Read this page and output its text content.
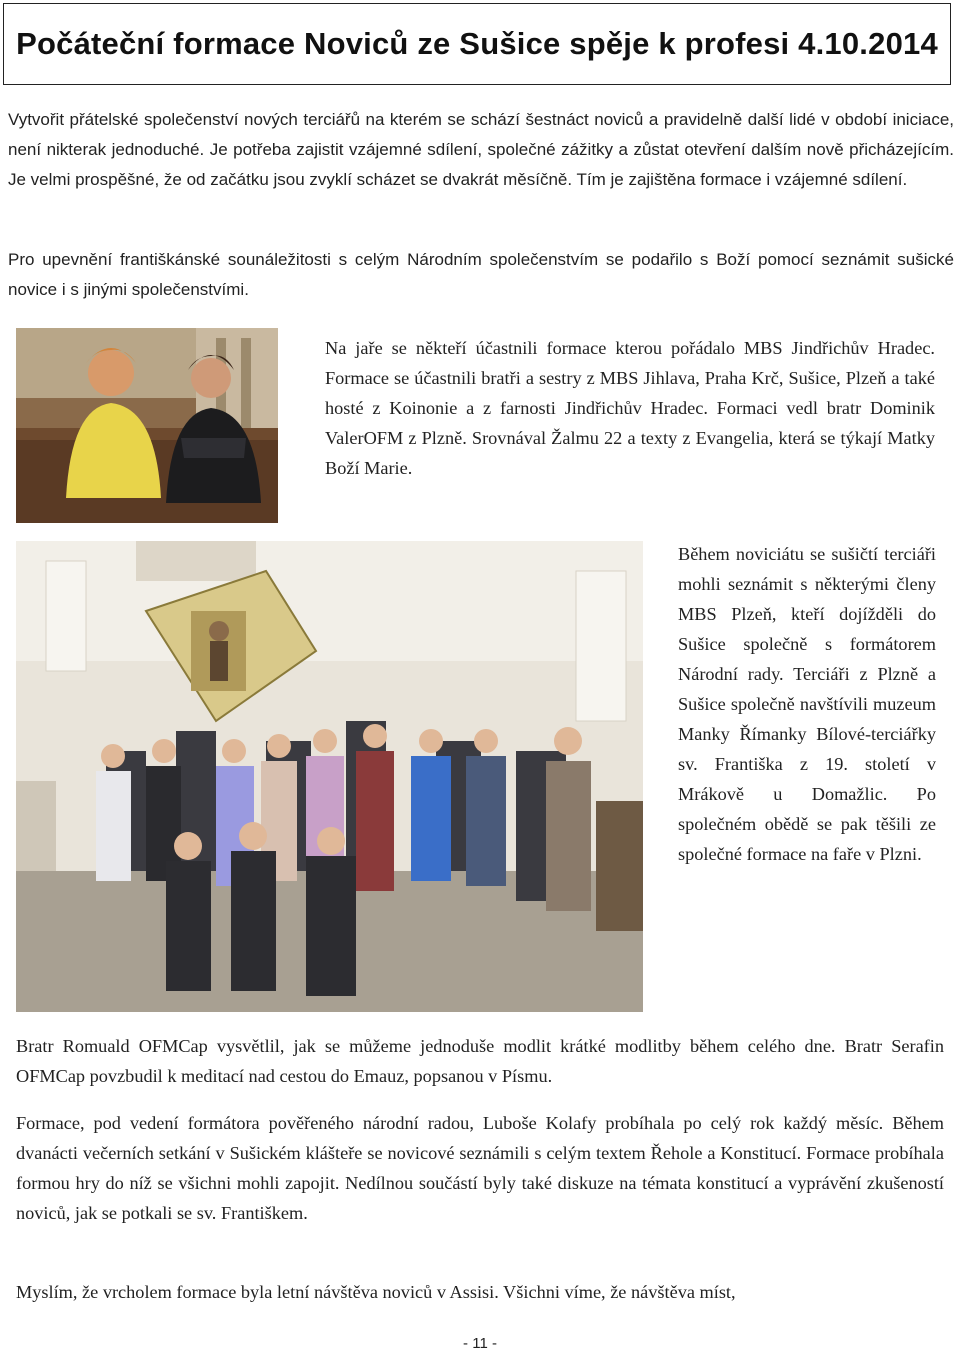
Počáteční formace Noviců ze Sušice spěje k profesi 4.10.2014

Vytvořit přátelské společenství nových terciářů na kterém se schází šestnáct noviců a pravidelně další lidé v období iniciace, není nikterak jednoduché. Je potřeba zajistit vzájemné sdílení, společné zážitky a zůstat otevření dalším nově přicházejícím. Je velmi prospěšné, že od začátku jsou zvyklí scházet se dvakrát měsíčně. Tím je zajištěna formace i vzájemné sdílení.

Pro upevnění františkánské sounáležitosti s celým Národním společenstvím se podařilo s Boží pomocí seznámit sušické novice i s jinými společenstvími.

Na jaře se někteří účastnili formace kterou pořádalo MBS Jindřichův Hradec. Formace se účastnili bratři a sestry z MBS Jihlava, Praha Krč, Sušice, Plzeň a také hosté z Koinonie a z farnosti Jindřichův Hradec. Formaci vedl bratr Dominik ValerOFM z Plzně. Srovnával Žalmu 22 a texty z Evangelia, která se týkají Matky Boží Marie.

Během noviciátu se sušičtí terciáři mohli seznámit s některými členy MBS Plzeň, kteří dojížděli do Sušice společně s formátorem Národní rady. Terciáři z Plzně a Sušice společně navštívili muzeum Manky Římanky Bílové-terciářky sv. Františka z 19. století v Mrákově u Domažlic. Po společném obědě se pak těšili ze společné formace na faře v Plzni.

Bratr Romuald OFMCap vysvětlil, jak se můžeme jednoduše modlit krátké modlitby během celého dne. Bratr Serafin OFMCap povzbudil k meditací nad cestou do Emauz, popsanou v Písmu.

Formace, pod vedení formátora pověřeného národní radou, Luboše Kolafy probíhala po celý rok každý měsíc. Během dvanácti večerních setkání v Sušickém klášteře se novicové seznámili s celým textem Řehole a Konstitucí. Formace probíhala formou hry do níž se všichni mohli zapojit. Nedílnou součástí byly také diskuze na témata konstitucí a vyprávění zkušeností noviců, jak se potkali se sv. Františkem.

Myslím, že vrcholem formace byla letní návštěva noviců v Assisi. Všichni víme, že návštěva míst,

- 11 -
